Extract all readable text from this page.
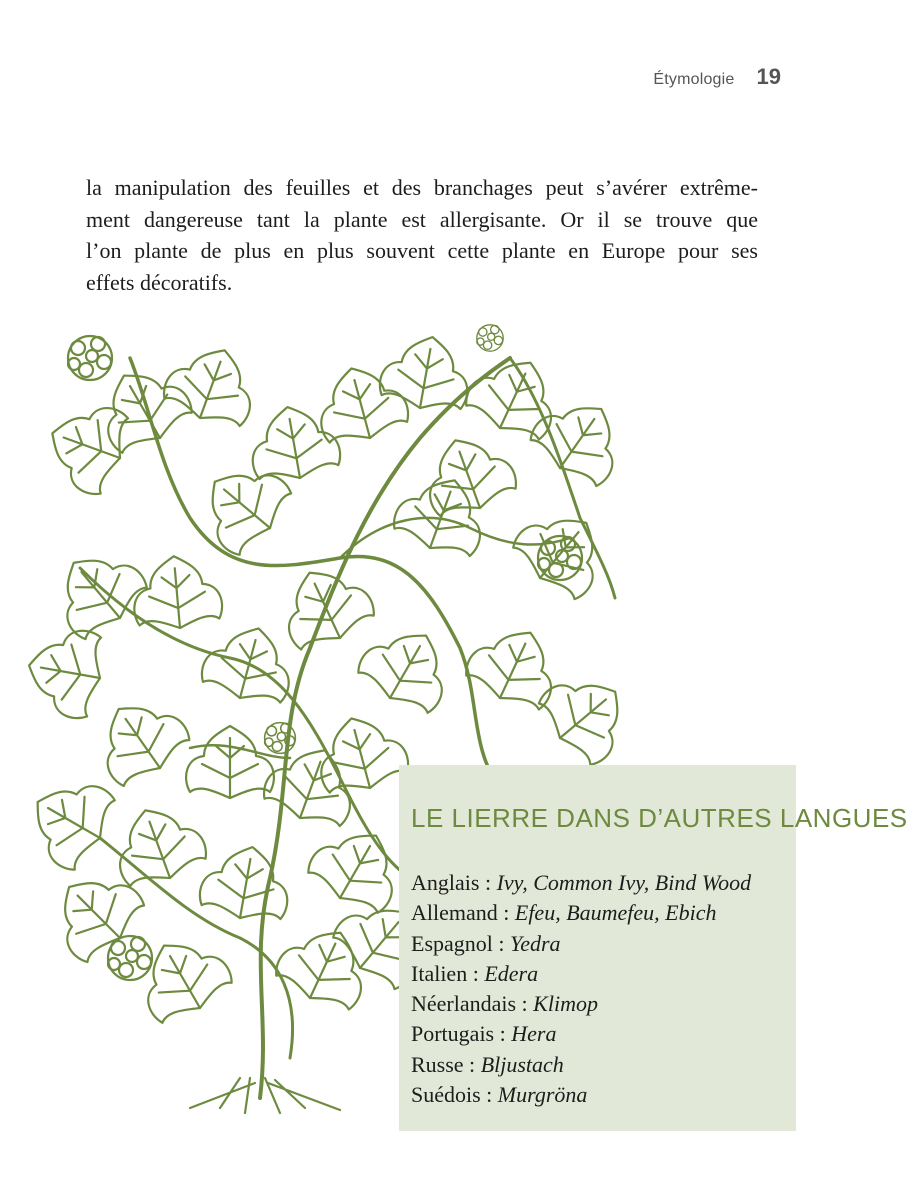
Étymologie 19

la manipulation des feuilles et des branchages peut s’avérer extrême-
ment dangereuse tant la plante est allergisante. Or il se trouve que
l’on plante de plus en plus souvent cette plante en Europe pour ses
effets décoratifs.

LE LIERRE DANS D’AUTRES LANGUES
Anglais : Ivy, Common Ivy, Bind Wood
Allemand : Efeu, Baumefeu, Ebich
Espagnol : Yedra
Italien : Edera
Néerlandais : Klimop
Portugais : Hera
Russe : Bljustach
Suédois : Murgröna
